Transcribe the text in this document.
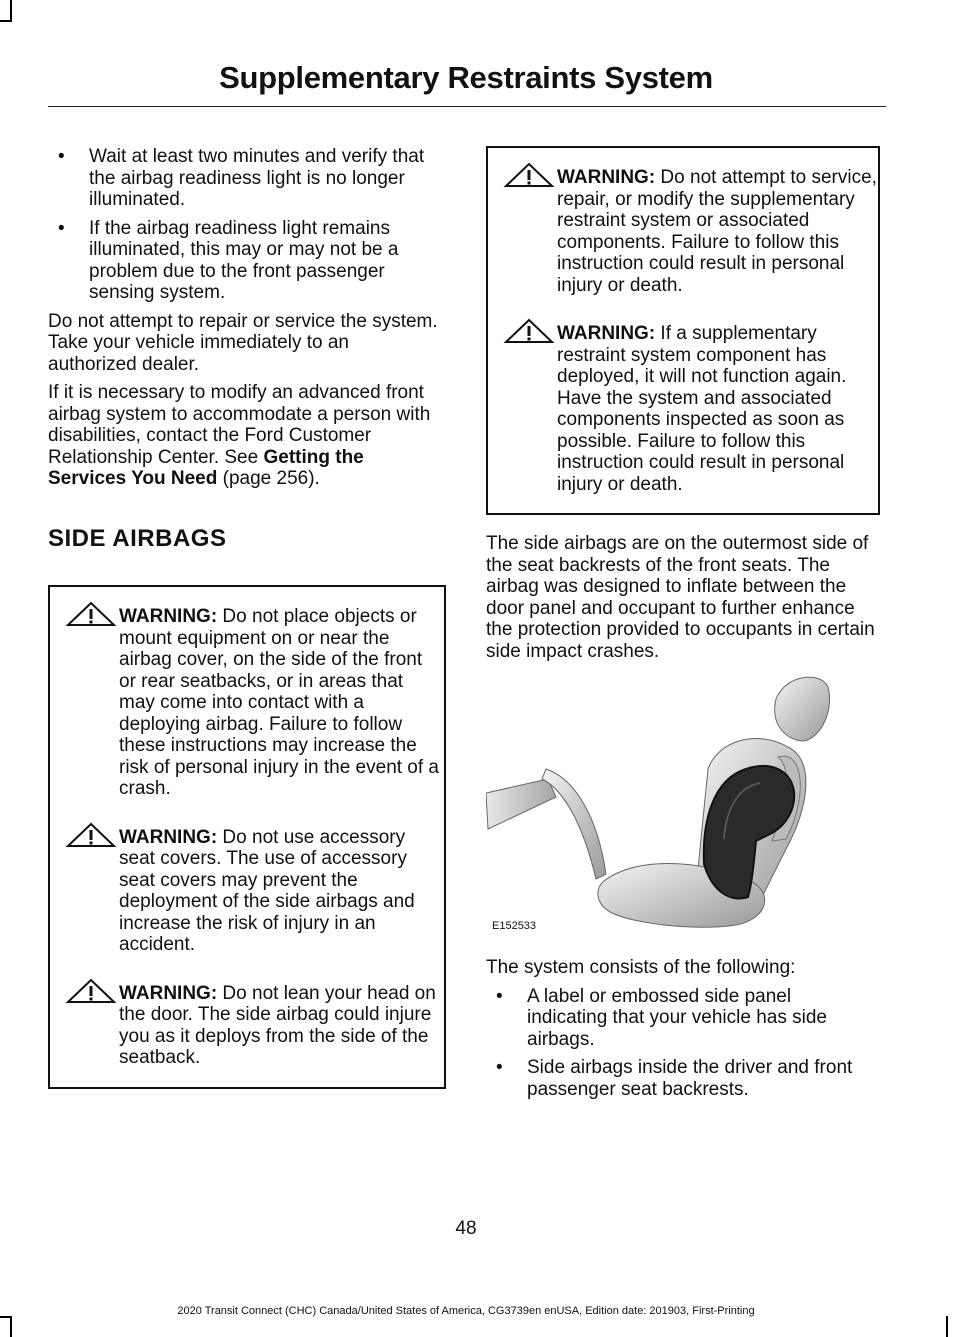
Supplementary Restraints System
• Wait at least two minutes and verify that the airbag readiness light is no longer illuminated.
• If the airbag readiness light remains illuminated, this may or may not be a problem due to the front passenger sensing system.

Do not attempt to repair or service the system. Take your vehicle immediately to an authorized dealer.

If it is necessary to modify an advanced front airbag system to accommodate a person with disabilities, contact the Ford Customer Relationship Center. See Getting the Services You Need (page 256).

SIDE AIRBAGS
WARNING: Do not place objects or mount equipment on or near the airbag cover, on the side of the front or rear seatbacks, or in areas that may come into contact with a deploying airbag. Failure to follow these instructions may increase the risk of personal injury in the event of a crash.
WARNING: Do not use accessory seat covers. The use of accessory seat covers may prevent the deployment of the side airbags and increase the risk of injury in an accident.
WARNING: Do not lean your head on the door. The side airbag could injure you as it deploys from the side of the seatback.
WARNING: Do not attempt to service, repair, or modify the supplementary restraint system or associated components. Failure to follow this instruction could result in personal injury or death.
WARNING: If a supplementary restraint system component has deployed, it will not function again. Have the system and associated components inspected as soon as possible. Failure to follow this instruction could result in personal injury or death.

The side airbags are on the outermost side of the seat backrests of the front seats. The airbag was designed to inflate between the door panel and occupant to further enhance the protection provided to occupants in certain side impact crashes.

E152533

The system consists of the following:

• A label or embossed side panel indicating that your vehicle has side airbags.
• Side airbags inside the driver and front passenger seat backrests.
48
2020 Transit Connect (CHC) Canada/United States of America, CG3739en enUSA, Edition date: 201903, First-Printing
